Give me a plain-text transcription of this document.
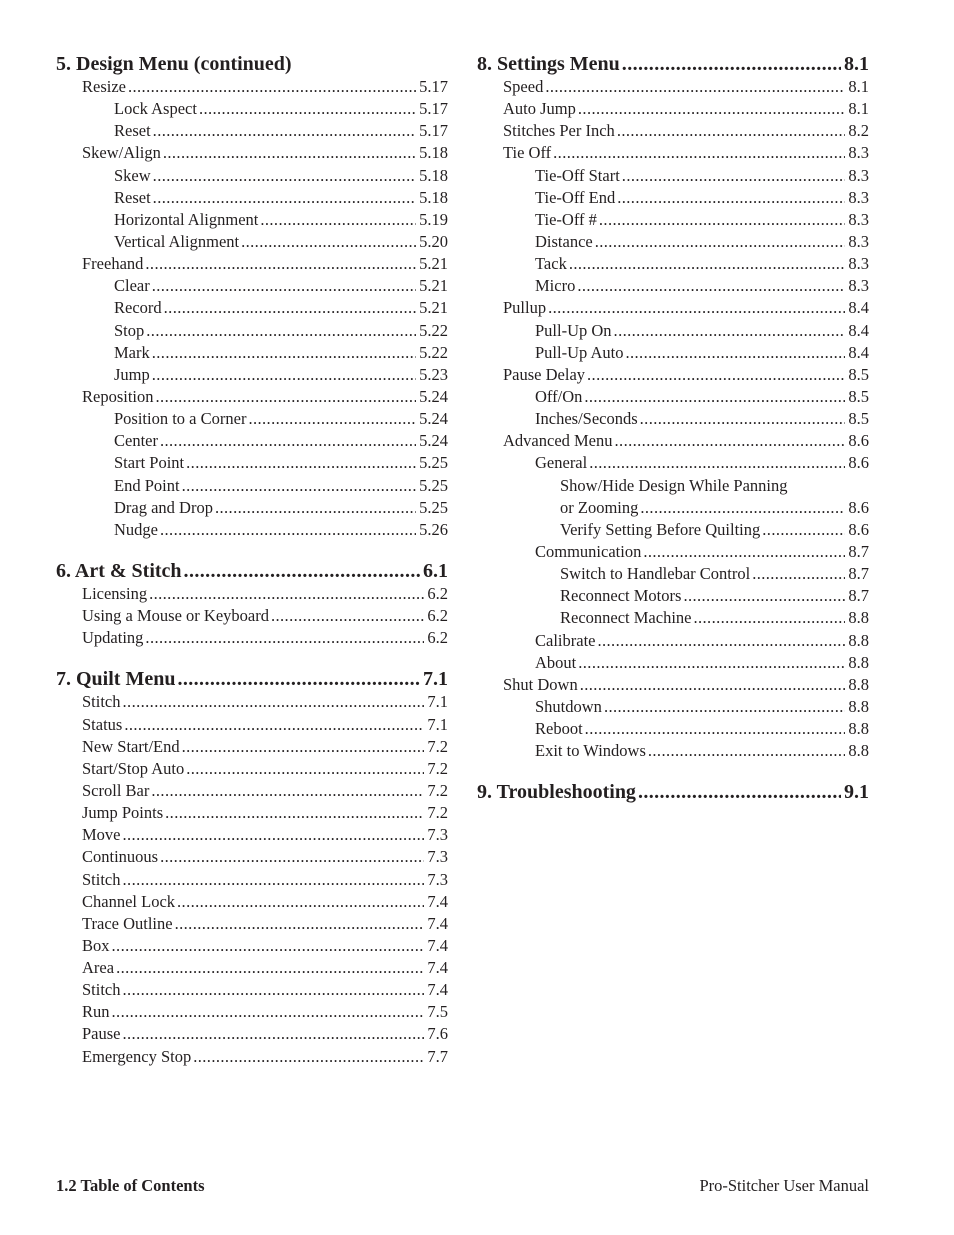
5. Design Menu (continued)
Resize .....	5.17
Lock Aspect .....	5.17
Reset .....	5.17
Skew/Align .....	5.18
Skew .....	5.18
Reset .....	5.18
Horizontal Alignment .....	5.19
Vertical Alignment .....	5.20
Freehand .....	5.21
Clear .....	5.21
Record .....	5.21
Stop .....	5.22
Mark .....	5.22
Jump .....	5.23
Reposition .....	5.24
Position to a Corner .....	5.24
Center .....	5.24
Start Point .....	5.25
End Point .....	5.25
Drag and Drop .....	5.25
Nudge .....	5.26
6. Art & Stitch .....	6.1
Licensing .....	6.2
Using a Mouse or Keyboard .....	6.2
Updating .....	6.2
7. Quilt Menu .....	7.1
Stitch .....	7.1
Status .....	7.1
New Start/End .....	7.2
Start/Stop Auto .....	7.2
Scroll Bar .....	7.2
Jump Points .....	7.2
Move .....	7.3
Continuous .....	7.3
Stitch .....	7.3
Channel Lock .....	7.4
Trace Outline .....	7.4
Box .....	7.4
Area .....	7.4
Stitch .....	7.4
Run .....	7.5
Pause .....	7.6
Emergency Stop .....	7.7
8. Settings Menu .....	8.1
Speed .....	8.1
Auto Jump .....	8.1
Stitches Per Inch .....	8.2
Tie Off .....	8.3
Tie-Off Start .....	8.3
Tie-Off End .....	8.3
Tie-Off # .....	8.3
Distance .....	8.3
Tack .....	8.3
Micro .....	8.3
Pullup .....	8.4
Pull-Up On .....	8.4
Pull-Up Auto .....	8.4
Pause Delay .....	8.5
Off/On .....	8.5
Inches/Seconds .....	8.5
Advanced Menu .....	8.6
General .....	8.6
Show/Hide Design While Panning
or Zooming .....	8.6
Verify Setting Before Quilting .....	8.6
Communication .....	8.7
Switch to Handlebar Control .....	8.7
Reconnect Motors .....	8.7
Reconnect Machine .....	8.8
Calibrate .....	8.8
About .....	8.8
Shut Down .....	8.8
Shutdown .....	8.8
Reboot .....	8.8
Exit to Windows .....	8.8
9. Troubleshooting .....	9.1
1.2 Table of Contents	Pro-Stitcher User Manual
